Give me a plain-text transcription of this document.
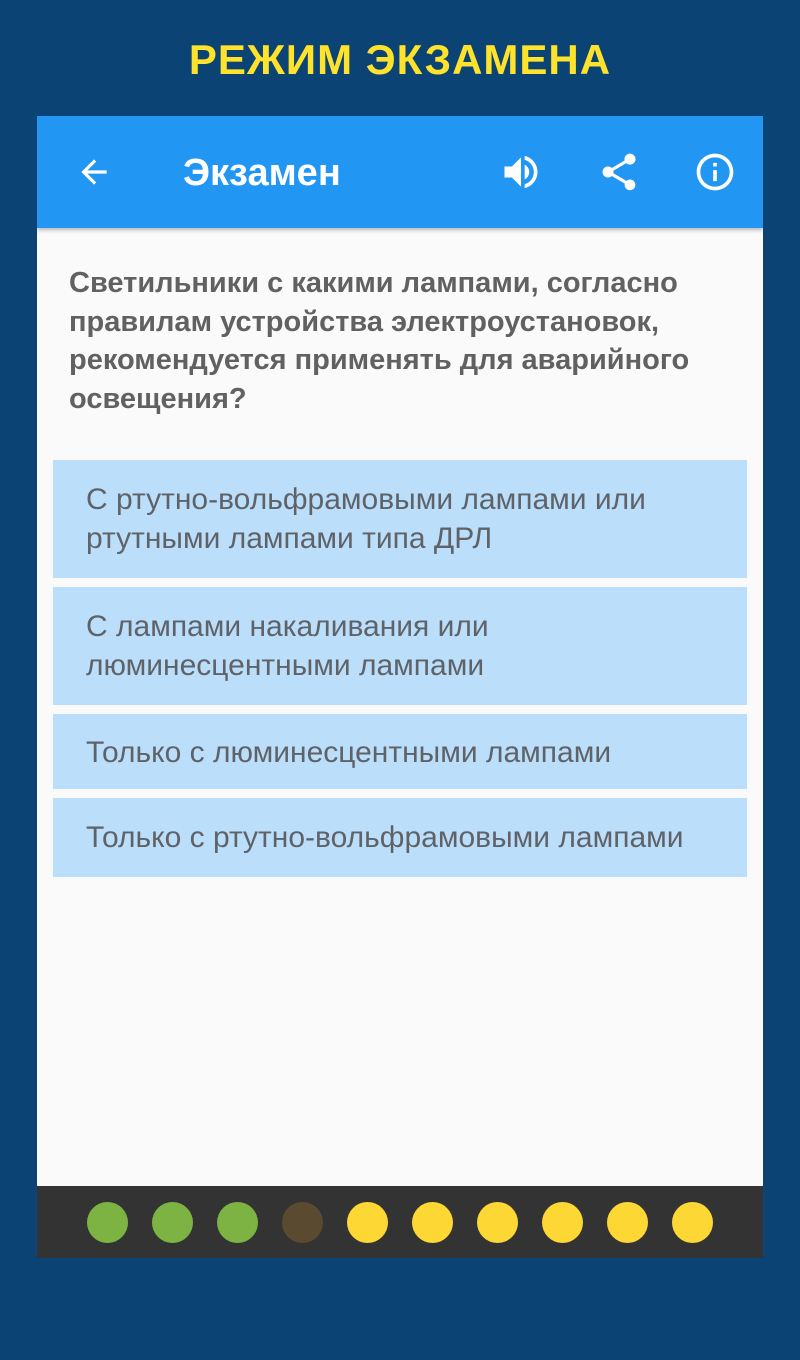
РЕЖИМ ЭКЗАМЕНА
Экзамен
Светильники с какими лампами, согласно правилам устройства электроустановок, рекомендуется применять для аварийного освещения?
С ртутно-вольфрамовыми лампами или ртутными лампами типа ДРЛ
С лампами накаливания или люминесцентными лампами
Только с люминесцентными лампами
Только с ртутно-вольфрамовыми лампами
